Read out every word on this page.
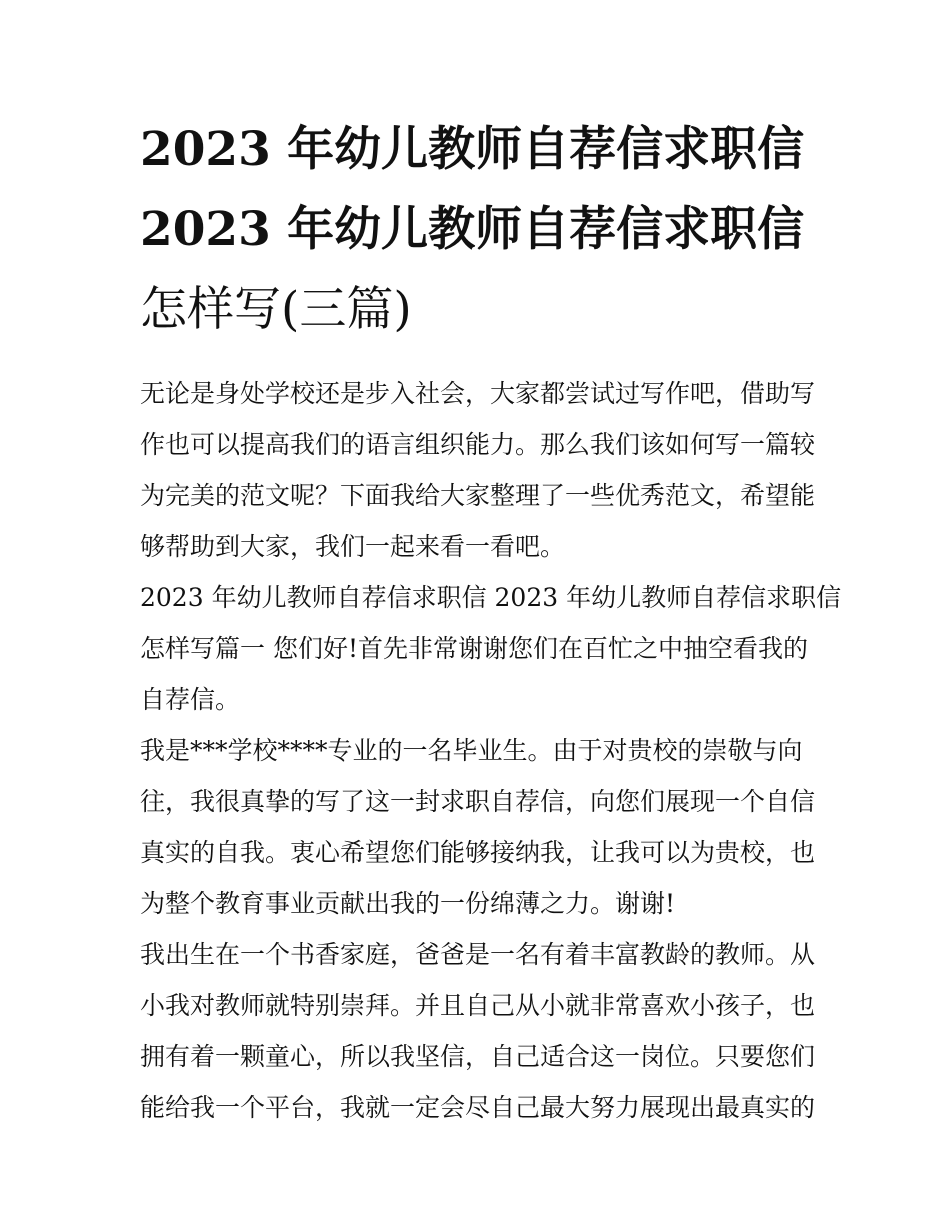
2023 年幼儿教师自荐信求职信
2023 年幼儿教师自荐信求职信
怎样写(三篇)

无论是身处学校还是步入社会，大家都尝试过写作吧，借助写
作也可以提高我们的语言组织能力。那么我们该如何写一篇较
为完美的范文呢？下面我给大家整理了一些优秀范文，希望能
够帮助到大家，我们一起来看一看吧。

2023 年幼儿教师自荐信求职信 2023 年幼儿教师自荐信求职信
怎样写篇一 您们好!首先非常谢谢您们在百忙之中抽空看我的
自荐信。

我是***学校****专业的一名毕业生。由于对贵校的崇敬与向
往，我很真挚的写了这一封求职自荐信，向您们展现一个自信
真实的自我。衷心希望您们能够接纳我，让我可以为贵校，也
为整个教育事业贡献出我的一份绵薄之力。谢谢!

我出生在一个书香家庭，爸爸是一名有着丰富教龄的教师。从
小我对教师就特别崇拜。并且自己从小就非常喜欢小孩子，也
拥有着一颗童心，所以我坚信，自己适合这一岗位。只要您们
能给我一个平台，我就一定会尽自己最大努力展现出最真实的
